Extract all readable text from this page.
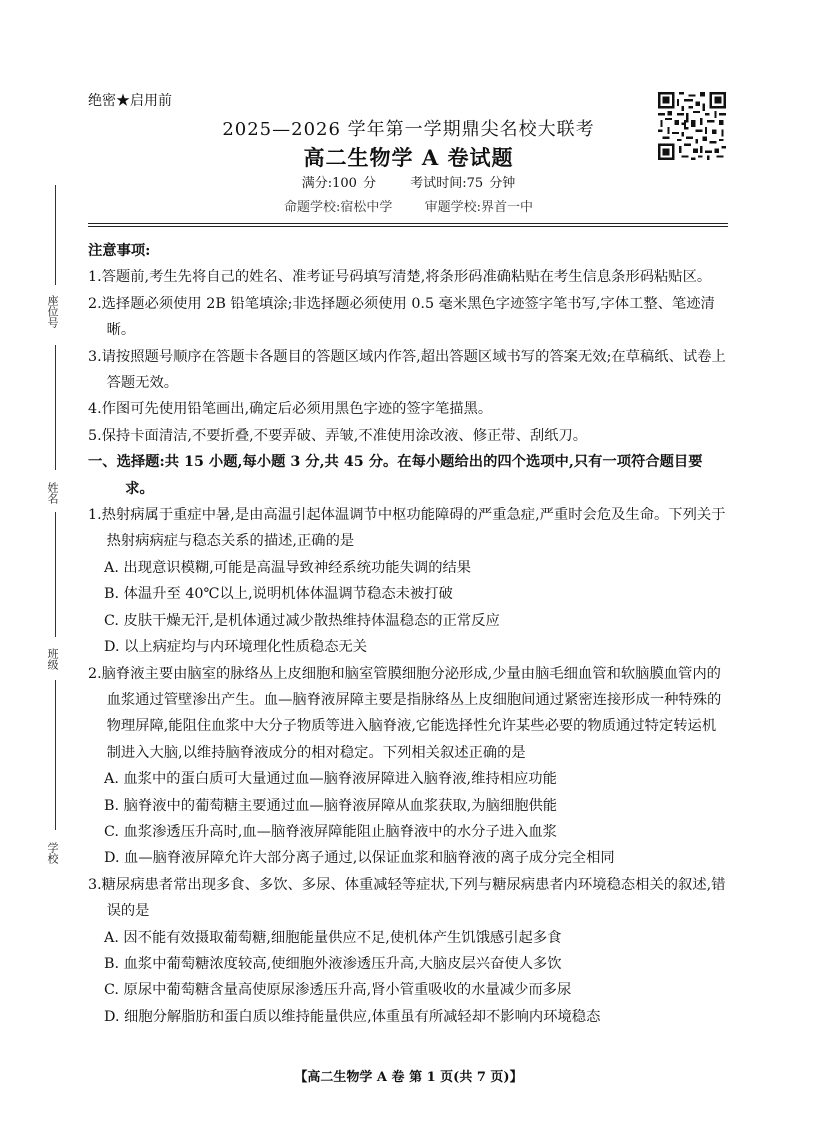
绝密★启用前
2025—2026 学年第一学期鼎尖名校大联考
高二生物学 A 卷试题
满分:100 分	考试时间:75 分钟
命题学校:宿松中学 审题学校:界首一中
座位号
姓名
班级
学校

注意事项:

1.答题前,考生先将自己的姓名、准考证号码填写清楚,将条形码准确粘贴在考生信息条形码粘贴区。

2.选择题必须使用 2B 铅笔填涂;非选择题必须使用 0.5 毫米黑色字迹签字笔书写,字体工整、笔迹清晰。

3.请按照题号顺序在答题卡各题目的答题区域内作答,超出答题区域书写的答案无效;在草稿纸、试卷上答题无效。

4.作图可先使用铅笔画出,确定后必须用黑色字迹的签字笔描黑。

5.保持卡面清洁,不要折叠,不要弄破、弄皱,不准使用涂改液、修正带、刮纸刀。

一、选择题:共 15 小题,每小题 3 分,共 45 分。在每小题给出的四个选项中,只有一项符合题目要求。

1.热射病属于重症中暑,是由高温引起体温调节中枢功能障碍的严重急症,严重时会危及生命。下列关于热射病病症与稳态关系的描述,正确的是

A. 出现意识模糊,可能是高温导致神经系统功能失调的结果

B. 体温升至 40℃以上,说明机体体温调节稳态未被打破

C. 皮肤干燥无汗,是机体通过减少散热维持体温稳态的正常反应

D. 以上病症均与内环境理化性质稳态无关

2.脑脊液主要由脑室的脉络丛上皮细胞和脑室管膜细胞分泌形成,少量由脑毛细血管和软脑膜血管内的血浆通过管壁渗出产生。血—脑脊液屏障主要是指脉络丛上皮细胞间通过紧密连接形成一种特殊的物理屏障,能阻住血浆中大分子物质等进入脑脊液,它能选择性允许某些必要的物质通过特定转运机制进入大脑,以维持脑脊液成分的相对稳定。下列相关叙述正确的是

A. 血浆中的蛋白质可大量通过血—脑脊液屏障进入脑脊液,维持相应功能

B. 脑脊液中的葡萄糖主要通过血—脑脊液屏障从血浆获取,为脑细胞供能

C. 血浆渗透压升高时,血—脑脊液屏障能阻止脑脊液中的水分子进入血浆

D. 血—脑脊液屏障允许大部分离子通过,以保证血浆和脑脊液的离子成分完全相同

3.糖尿病患者常出现多食、多饮、多尿、体重减轻等症状,下列与糖尿病患者内环境稳态相关的叙述,错误的是

A. 因不能有效摄取葡萄糖,细胞能量供应不足,使机体产生饥饿感引起多食

B. 血浆中葡萄糖浓度较高,使细胞外液渗透压升高,大脑皮层兴奋使人多饮

C. 原尿中葡萄糖含量高使原尿渗透压升高,肾小管重吸收的水量减少而多尿

D. 细胞分解脂肪和蛋白质以维持能量供应,体重虽有所减轻却不影响内环境稳态

【高二生物学 A 卷 第 1 页(共 7 页)】
